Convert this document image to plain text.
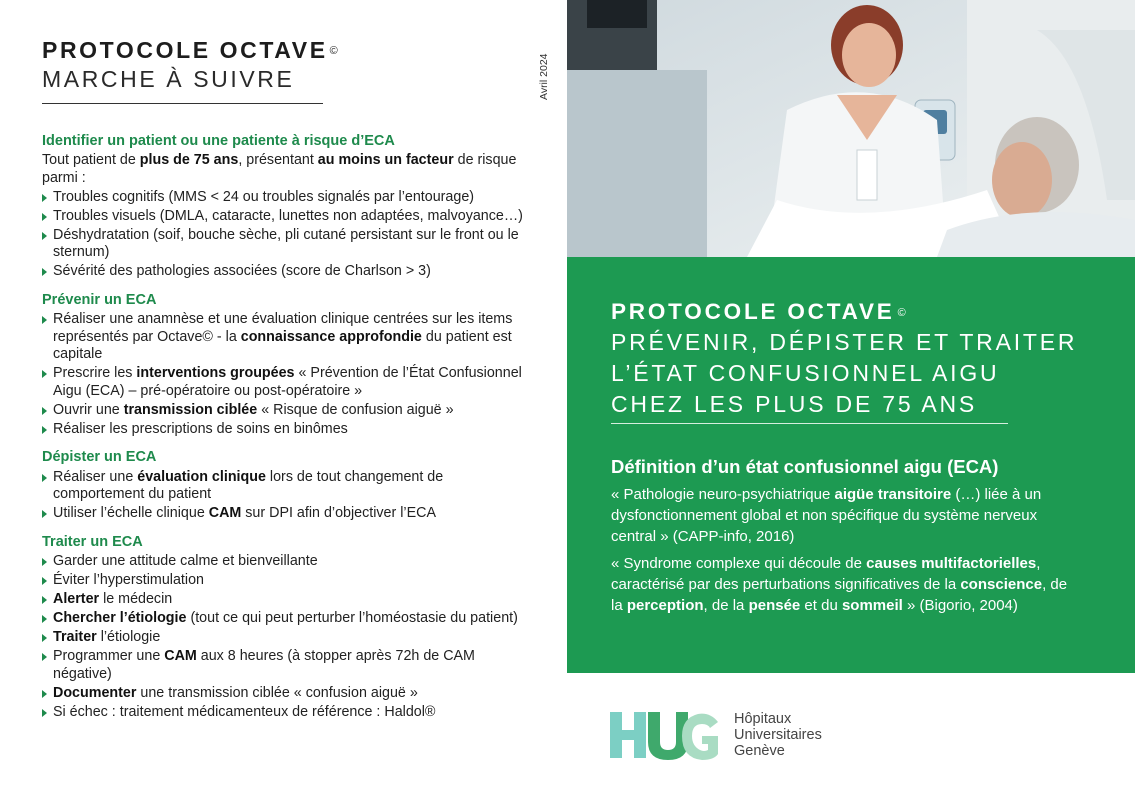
PROTOCOLE OCTAVE ©
MARCHE À SUIVRE	Avril 2024
Identifier un patient ou une patiente à risque d’ECA
Tout patient de plus de 75 ans, présentant au moins un facteur de risque parmi :
Troubles cognitifs (MMS < 24 ou troubles signalés par l’entourage)
Troubles visuels (DMLA, cataracte, lunettes non adaptées, malvoyance…)
Déshydratation (soif, bouche sèche, pli cutané persistant sur le front ou le sternum)
Sévérité des pathologies associées (score de Charlson > 3)
Prévenir un ECA
Réaliser une anamnèse et une évaluation clinique centrées sur les items représentés par Octave© - la connaissance approfondie du patient est capitale
Prescrire les interventions groupées « Prévention de l’État Confusionnel Aigu (ECA) – pré-opératoire ou post-opératoire »
Ouvrir une transmission ciblée « Risque de confusion aiguë »
Réaliser les prescriptions de soins en binômes
Dépister un ECA
Réaliser une évaluation clinique lors de tout changement de comportement du patient
Utiliser l’échelle clinique CAM sur DPI afin d’objectiver l’ECA
Traiter un ECA
Garder une attitude calme et bienveillante
Éviter l’hyperstimulation
Alerter le médecin
Chercher l’étiologie (tout ce qui peut perturber l’homéostasie du patient)
Traiter l’étiologie
Programmer une CAM aux 8 heures (à stopper après 72h de CAM négative)
Documenter une transmission ciblée « confusion aiguë »
Si échec : traitement médicamenteux de référence : Haldol®
PROTOCOLE OCTAVE ©
PRÉVENIR, DÉPISTER ET TRAITER
L’ÉTAT CONFUSIONNEL AIGU
CHEZ LES PLUS DE 75 ANS
Définition d’un état confusionnel aigu (ECA)
« Pathologie neuro-psychiatrique aigüe transitoire (…) liée à un dysfonctionnement global et non spécifique du système nerveux central » (CAPP-info, 2016)
« Syndrome complexe qui découle de causes multifactorielles, caractérisé par des perturbations significatives de la conscience, de la perception, de la pensée et du sommeil » (Bigorio, 2004)
Hôpitaux
Universitaires
Genève
